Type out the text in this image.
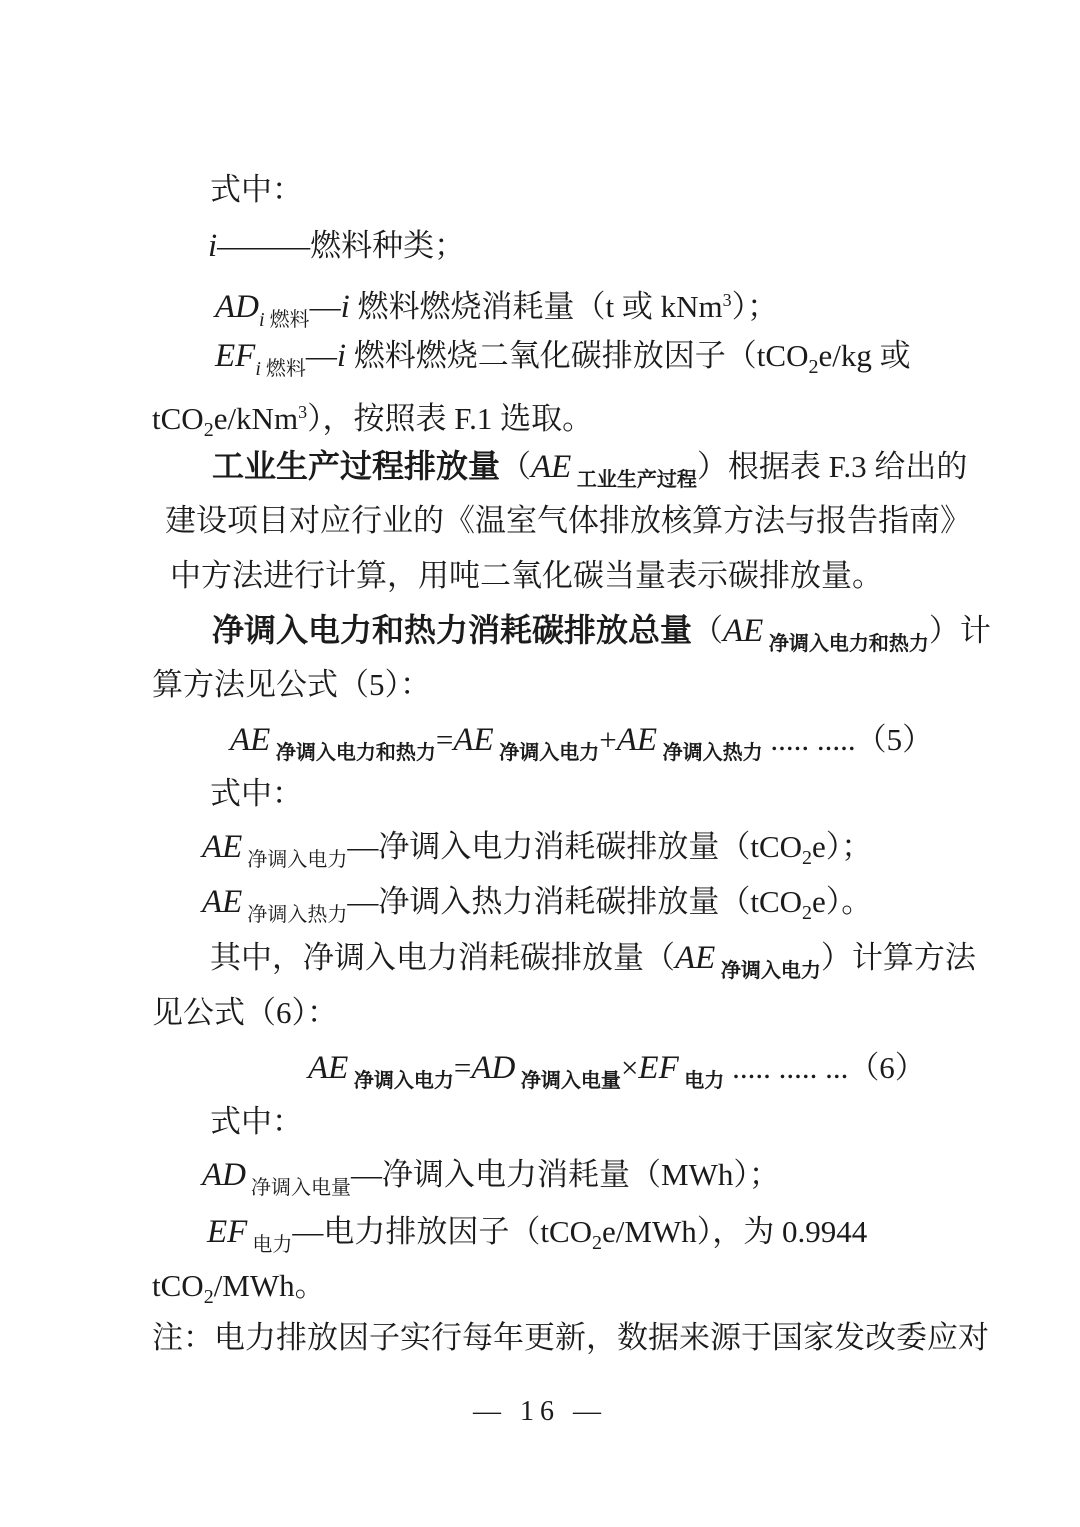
— 16 —
式中：
i———燃料种类；
$AD_i$ $_{燃料}$—i 燃料燃烧消耗量（t 或 kNm$^3$）；
$EF_i$ $_{燃料}$—i 燃料燃烧二氧化碳排放因子（tCO$_2$e/kg 或
tCO$_2$e/kNm$^3$），按照表 F.1 选取。
工业生产过程排放量（AE $_{工业生产过程}$）根据表 F.3 给出的
建设项目对应行业的《温室气体排放核算方法与报告指南》
中方法进行计算，用吨二氧化碳当量表示碳排放量。
净调入电力和热力消耗碳排放总量（AE $_{净调入电力和热力}$）计
算方法见公式（5）：
AE $_{净调入电力和热力}$=AE $_{净调入电力}$+AE $_{净调入热力}$ ..... .....（5）
式中：
AE $_{净调入电力}$—净调入电力消耗碳排放量（tCO$_2$e）；
AE $_{净调入热力}$—净调入热力消耗碳排放量（tCO$_2$e）。
其中，净调入电力消耗碳排放量（AE $_{净调入电力}$）计算方法
见公式（6）：
AE $_{净调入电力}$=AD $_{净调入电量}$×EF $_{电力}$ ..... ..... ...（6）
式中：
AD $_{净调入电量}$—净调入电力消耗量（MWh）；
EF $_{电力}$—电力排放因子（tCO$_2$e/MWh），为 0.9944
tCO$_2$/MWh。
注：电力排放因子实行每年更新，数据来源于国家发改委应对
